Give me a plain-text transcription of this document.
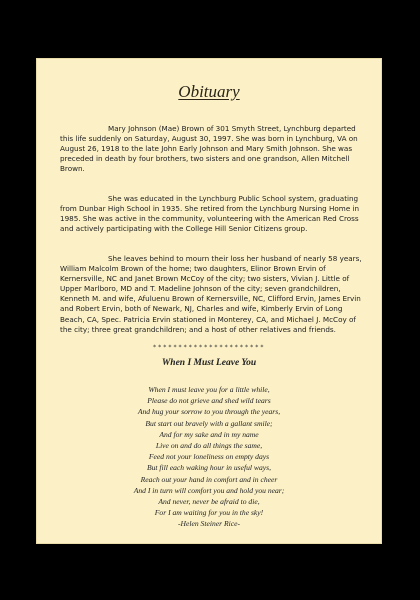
Obituary

Mary Johnson (Mae) Brown of 301 Smyth Street, Lynchburg departed this life suddenly on Saturday, August 30, 1997. She was born in Lynchburg, VA on August 26, 1918 to the late John Early Johnson and Mary Smith Johnson. She was preceded in death by four brothers, two sisters and one grandson, Allen Mitchell Brown.

She was educated in the Lynchburg Public School system, graduating from Dunbar High School in 1935. She retired from the Lynchburg Nursing Home in 1985. She was active in the community, volunteering with the American Red Cross and actively participating with the College Hill Senior Citizens group.

She leaves behind to mourn their loss her husband of nearly 58 years, William Malcolm Brown of the home; two daughters, Elinor Brown Ervin of Kernersville, NC and Janet Brown McCoy of the city; two sisters, Vivian J. Little of Upper Marlboro, MD and T. Madeline Johnson of the city; seven grandchildren, Kenneth M. and wife, Afuluenu Brown of Kernersville, NC, Clifford Ervin, James Ervin and Robert Ervin, both of Newark, NJ, Charles and wife, Kimberly Ervin of Long Beach, CA, Spec. Patricia Ervin stationed in Monterey, CA, and Michael J. McCoy of the city; three great grandchildren; and a host of other relatives and friends.

**********************
When I Must Leave You
When I must leave you for a little while,
Please do not grieve and shed wild tears
And hug your sorrow to you through the years,
But start out bravely with a gallant smile;
And for my sake and in my name
Live on and do all things the same,
Feed not your loneliness on empty days
But fill each waking hour in useful ways,
Reach out your hand in comfort and in cheer
And I in turn will comfort you and hold you near;
And never, never be afraid to die,
For I am waiting for you in the sky!
-Helen Steiner Rice-
